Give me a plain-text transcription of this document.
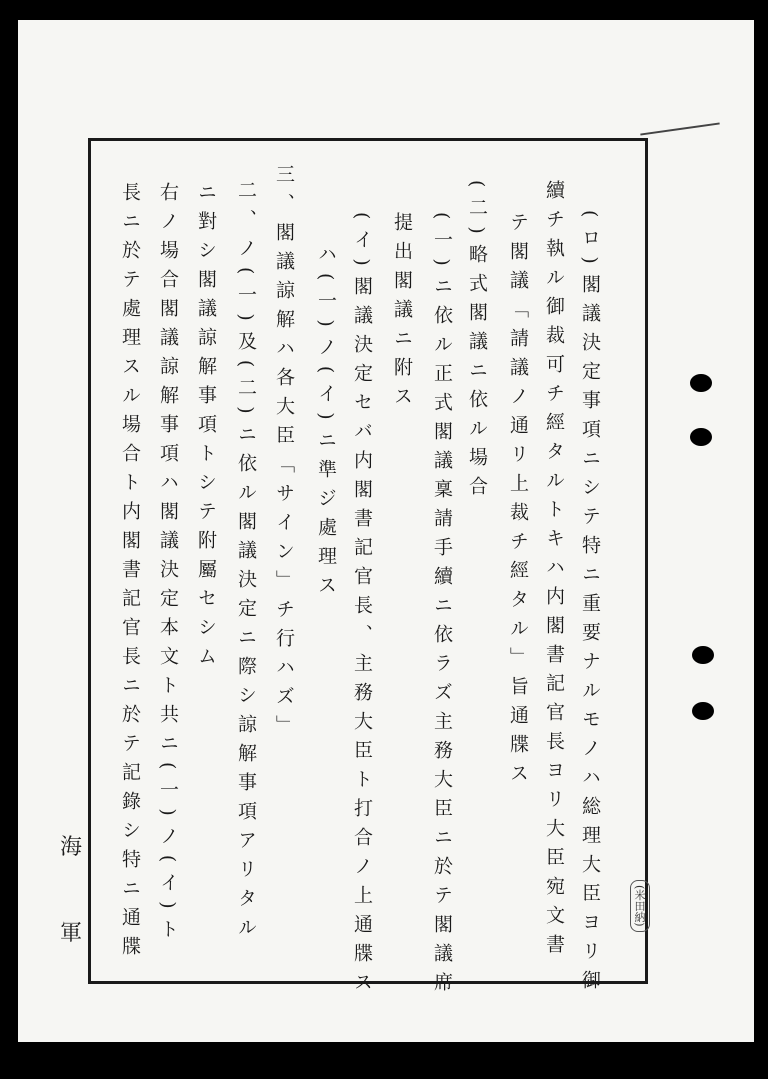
(ロ)閣議決定事項ニシテ特ニ重要ナルモノハ総理大臣ヨリ御
續チ執ル御裁可チ經タルトキハ内閣書記官長ヨリ大臣宛文書
テ閣議「請議ノ通リ上裁チ經タル」旨通牒ス
(二)略式閣議ニ依ル場合
(一)ニ依ル正式閣議稟請手續ニ依ラズ主務大臣ニ於テ閣議席
提出閣議ニ附ス
(イ)閣議決定セバ内閣書記官長、主務大臣ト打合ノ上通牒ス
ハ(一)ノ(イ)ニ準ジ處理ス
三、閣議諒解ハ各大臣「サイン」チ行ハズ」
二、ノ(一)及(二)ニ依ル閣議決定ニ際シ諒解事項アリタル
ニ對シ閣議諒解事項トシテ附屬セシム
右ノ場合閣議諒解事項ハ閣議決定本文ト共ニ(一)ノ(イ)ト
長ニ於テ處理スル場合ト内閣書記官長ニ於テ記錄シ特ニ通牒
海
軍
(米田納)
